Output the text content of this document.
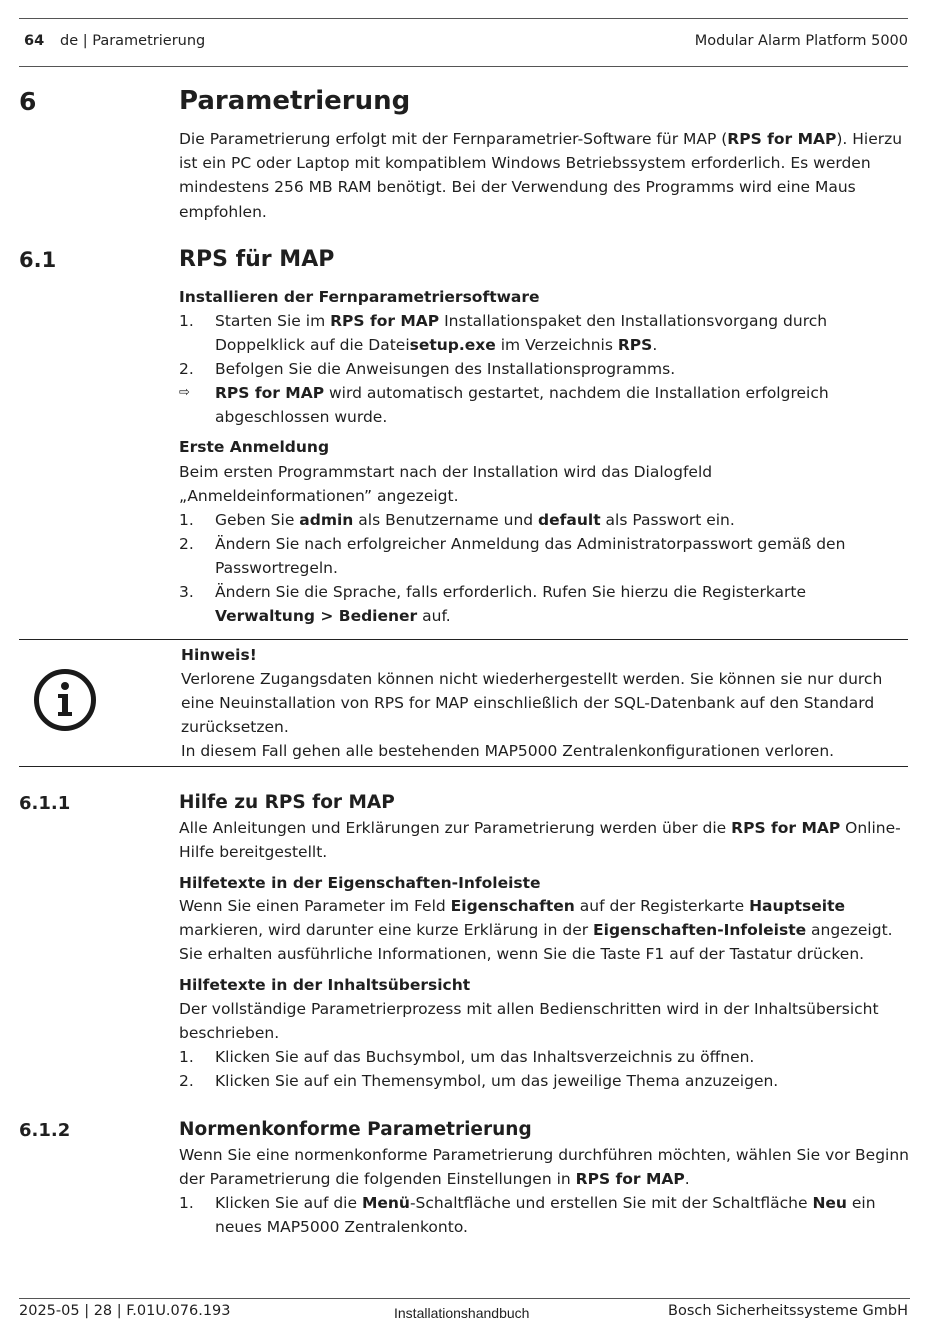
64 de | Parametrierung	Modular Alarm Platform 5000
6	Parametrierung
Die Parametrierung erfolgt mit der Fernparametrier-Software für MAP (RPS for MAP). Hierzu ist ein PC oder Laptop mit kompatiblem Windows Betriebssystem erforderlich. Es werden mindestens 256 MB RAM benötigt. Bei der Verwendung des Programms wird eine Maus empfohlen.
6.1	RPS für MAP
Installieren der Fernparametriersoftware
1. Starten Sie im RPS for MAP Installationspaket den Installationsvorgang durch Doppelklick auf die Dateisetup.exe im Verzeichnis RPS.
2. Befolgen Sie die Anweisungen des Installationsprogramms.
⇨ RPS for MAP wird automatisch gestartet, nachdem die Installation erfolgreich abgeschlossen wurde.
Erste Anmeldung
Beim ersten Programmstart nach der Installation wird das Dialogfeld „Anmeldeinformationen” angezeigt.
1. Geben Sie admin als Benutzername und default als Passwort ein.
2. Ändern Sie nach erfolgreicher Anmeldung das Administratorpasswort gemäß den Passwortregeln.
3. Ändern Sie die Sprache, falls erforderlich. Rufen Sie hierzu die Registerkarte Verwaltung > Bediener auf.
Hinweis!
Verlorene Zugangsdaten können nicht wiederhergestellt werden. Sie können sie nur durch eine Neuinstallation von RPS for MAP einschließlich der SQL-Datenbank auf den Standard zurücksetzen.
In diesem Fall gehen alle bestehenden MAP5000 Zentralenkonfigurationen verloren.
6.1.1	Hilfe zu RPS for MAP
Alle Anleitungen und Erklärungen zur Parametrierung werden über die RPS for MAP Online-Hilfe bereitgestellt.
Hilfetexte in der Eigenschaften-Infoleiste
Wenn Sie einen Parameter im Feld Eigenschaften auf der Registerkarte Hauptseite markieren, wird darunter eine kurze Erklärung in der Eigenschaften-Infoleiste angezeigt. Sie erhalten ausführliche Informationen, wenn Sie die Taste F1 auf der Tastatur drücken.
Hilfetexte in der Inhaltsübersicht
Der vollständige Parametrierprozess mit allen Bedienschritten wird in der Inhaltsübersicht beschrieben.
1. Klicken Sie auf das Buchsymbol, um das Inhaltsverzeichnis zu öffnen.
2. Klicken Sie auf ein Themensymbol, um das jeweilige Thema anzuzeigen.
6.1.2	Normenkonforme Parametrierung
Wenn Sie eine normenkonforme Parametrierung durchführen möchten, wählen Sie vor Beginn der Parametrierung die folgenden Einstellungen in RPS for MAP.
1. Klicken Sie auf die Menü-Schaltfläche und erstellen Sie mit der Schaltfläche Neu ein neues MAP5000 Zentralenkonto.
2025-05 | 28 | F.01U.076.193	Installationshandbuch	Bosch Sicherheitssysteme GmbH
